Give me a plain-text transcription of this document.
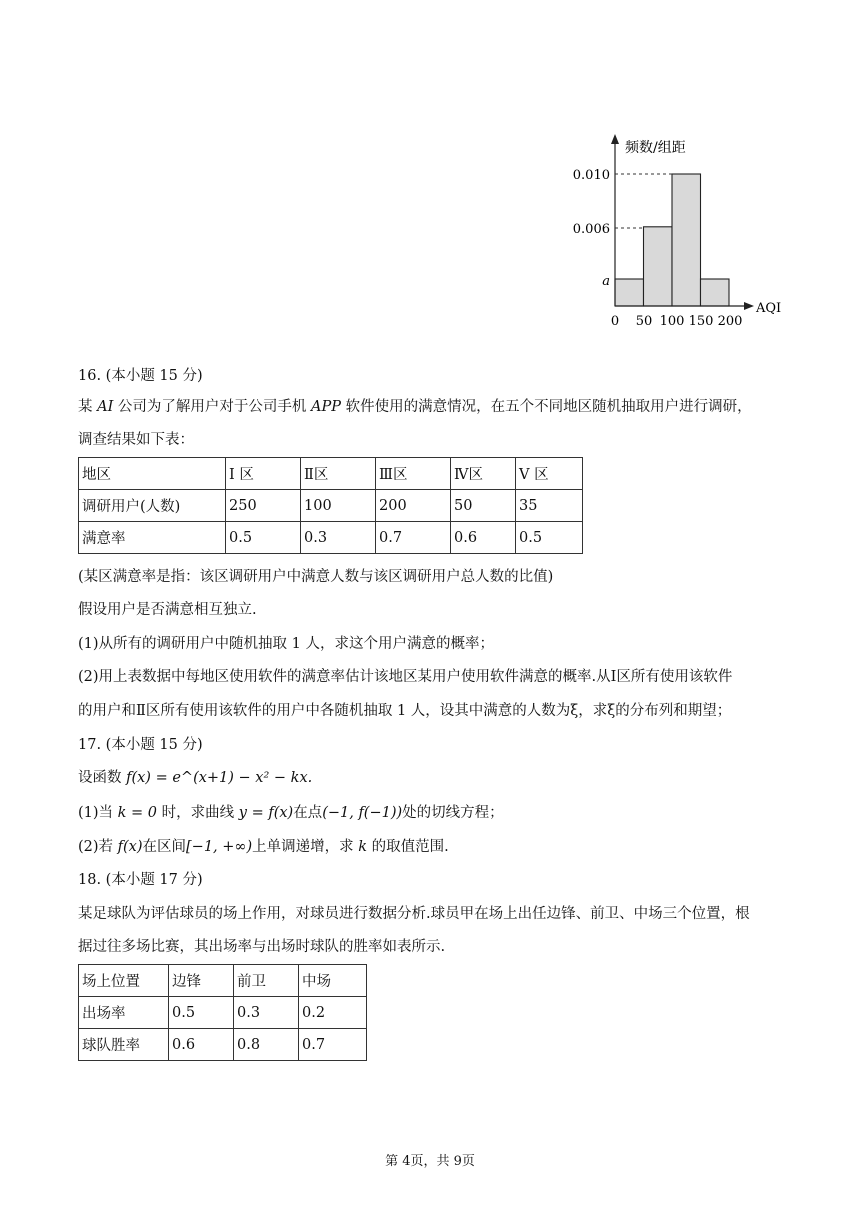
频数/组距
AQI
0.010
0.006
a
0 50 100 150 200
16. (本小题 15 分)
某 AI 公司为了解用户对于公司手机 APP 软件使用的满意情况，在五个不同地区随机抽取用户进行调研，
调查结果如下表：
地区	I 区	Ⅱ区	Ⅲ区	Ⅳ区	V 区
调研用户(人数)	250	100	200	50	35
满意率	0.5	0.3	0.7	0.6	0.5
(某区满意率是指：该区调研用户中满意人数与该区调研用户总人数的比值)
假设用户是否满意相互独立.
(1)从所有的调研用户中随机抽取 1 人，求这个用户满意的概率；
(2)用上表数据中每地区使用软件的满意率估计该地区某用户使用软件满意的概率.从Ⅰ区所有使用该软件
的用户和Ⅱ区所有使用该软件的用户中各随机抽取 1 人，设其中满意的人数为ξ，求ξ的分布列和期望；
17. (本小题 15 分)
设函数 f(x) = e^(x+1) − x² − kx.
(1)当 k = 0 时，求曲线 y = f(x)在点(−1, f(−1))处的切线方程；
(2)若 f(x)在区间[−1, +∞)上单调递增，求 k 的取值范围.
18. (本小题 17 分)
某足球队为评估球员的场上作用，对球员进行数据分析.球员甲在场上出任边锋、前卫、中场三个位置，根
据过往多场比赛，其出场率与出场时球队的胜率如表所示.
场上位置	边锋	前卫	中场
出场率	0.5	0.3	0.2
球队胜率	0.6	0.8	0.7
第 4页，共 9页
